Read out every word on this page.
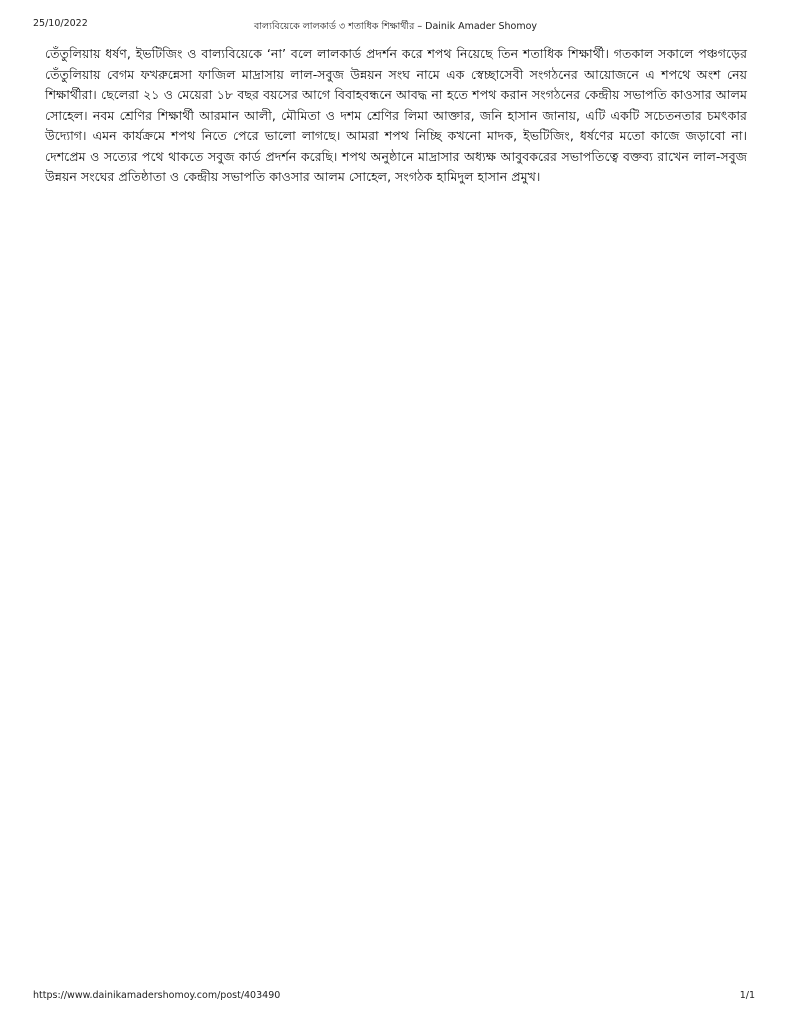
25/10/2022	বাল্যবিয়েকে লালকার্ড ৩ শতাধিক শিক্ষার্থীর – Dainik Amader Shomoy

তেঁতুলিয়ায় ধর্ষণ, ইভটিজিং ও বাল্যবিয়েকে ‘না’ বলে লালকার্ড প্রদর্শন করে শপথ নিয়েছে তিন শতাধিক শিক্ষার্থী। গতকাল সকালে পঞ্চগড়ের তেঁতুলিয়ায় বেগম ফখরুন্নেসা ফাজিল মাদ্রাসায় লাল-সবুজ উন্নয়ন সংঘ নামে এক স্বেচ্ছাসেবী সংগঠনের আয়োজনে এ শপথে অংশ নেয় শিক্ষার্থীরা। ছেলেরা ২১ ও মেয়েরা ১৮ বছর বয়সের আগে বিবাহবন্ধনে আবদ্ধ না হতে শপথ করান সংগঠনের কেন্দ্রীয় সভাপতি কাওসার আলম সোহেল। নবম শ্রেণির শিক্ষার্থী আরমান আলী, মৌমিতা ও দশম শ্রেণির লিমা আক্তার, জনি হাসান জানায়, এটি একটি সচেতনতার চমৎকার উদ্যোগ। এমন কার্যক্রমে শপথ নিতে পেরে ভালো লাগছে। আমরা শপথ নিচ্ছি কখনো মাদক, ইভটিজিং, ধর্ষণের মতো কাজে জড়াবো না। দেশপ্রেম ও সত্যের পথে থাকতে সবুজ কার্ড প্রদর্শন করেছি। শপথ অনুষ্ঠানে মাদ্রাসার অধ্যক্ষ আবুবকরের সভাপতিত্বে বক্তব্য রাখেন লাল-সবুজ উন্নয়ন সংঘের প্রতিষ্ঠাতা ও কেন্দ্রীয় সভাপতি কাওসার আলম সোহেল, সংগঠক হামিদুল হাসান প্রমুখ।

https://www.dainikamadershomoy.com/post/403490	1/1
